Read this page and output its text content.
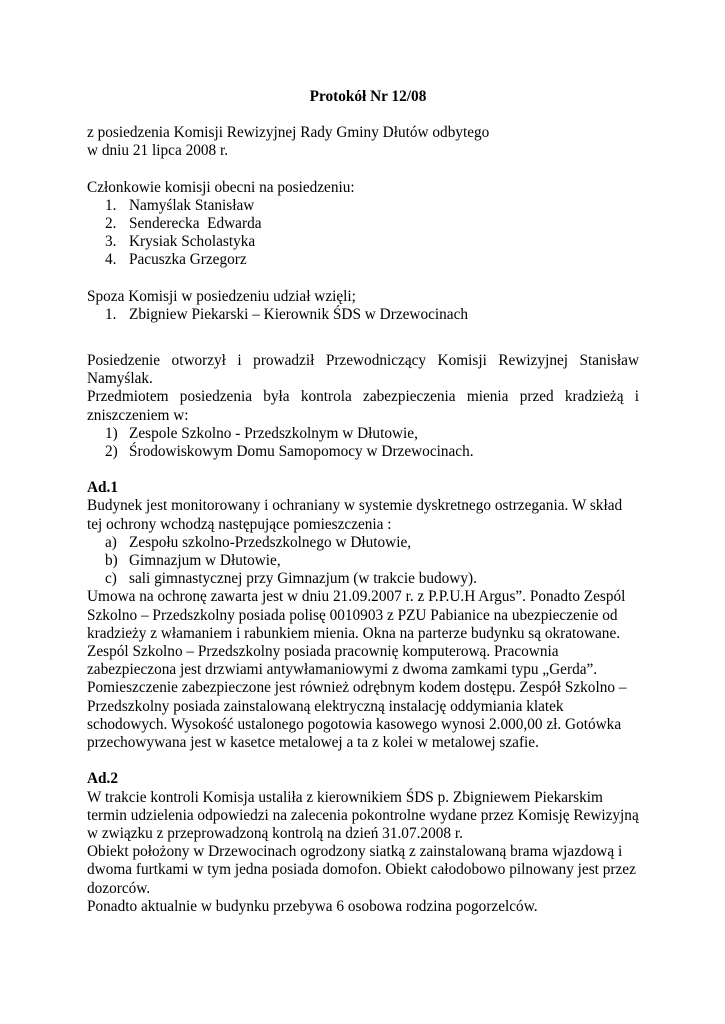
Protokół Nr 12/08

z posiedzenia Komisji Rewizyjnej Rady Gminy Dłutów odbytego

w dniu 21 lipca 2008 r.

Członkowie komisji obecni na posiedzeniu:

1. Namyślak Stanisław
2. Senderecka  Edwarda
3. Krysiak Scholastyka
4. Pacuszka Grzegorz

Spoza Komisji w posiedzeniu udział wzięli;

1. Zbigniew Piekarski – Kierownik ŚDS w Drzewocinach

Posiedzenie otworzył i prowadził Przewodniczący Komisji Rewizyjnej Stanisław Namyślak.

Przedmiotem posiedzenia była kontrola zabezpieczenia mienia przed kradzieżą i zniszczeniem w:

1) Zespole Szkolno - Przedszkolnym w Dłutowie,
2) Środowiskowym Domu Samopomocy w Drzewocinach.

Ad.1

Budynek jest monitorowany i ochraniany w systemie dyskretnego ostrzegania. W skład tej ochrony wchodzą następujące pomieszczenia :

a) Zespołu szkolno-Przedszkolnego w Dłutowie,
b) Gimnazjum w Dłutowie,
c) sali gimnastycznej przy Gimnazjum (w trakcie budowy).

Umowa na ochronę zawarta jest w dniu 21.09.2007 r. z P.P.U.H Argus”. Ponadto Zespól Szkolno – Przedszkolny posiada polisę 0010903 z PZU Pabianice na ubezpieczenie od kradzieży z włamaniem i rabunkiem mienia. Okna na parterze budynku są okratowane. Zespól Szkolno – Przedszkolny posiada pracownię komputerową. Pracownia zabezpieczona jest drzwiami antywłamaniowymi z dwoma zamkami typu „Gerda”. Pomieszczenie zabezpieczone jest również odrębnym kodem dostępu. Zespół Szkolno – Przedszkolny posiada zainstalowaną elektryczną instalację oddymiania klatek schodowych. Wysokość ustalonego pogotowia kasowego wynosi 2.000,00 zł. Gotówka przechowywana jest w kasetce metalowej a ta z kolei w metalowej szafie.

Ad.2

W trakcie kontroli Komisja ustaliła z kierownikiem ŚDS p. Zbigniewem Piekarskim termin udzielenia odpowiedzi na zalecenia pokontrolne wydane przez Komisję Rewizyjną w związku z przeprowadzoną kontrolą na dzień 31.07.2008 r.

Obiekt położony w Drzewocinach ogrodzony siatką z zainstalowaną brama wjazdową i dwoma furtkami w tym jedna posiada domofon. Obiekt całodobowo pilnowany jest przez dozorców.

Ponadto aktualnie w budynku przebywa 6 osobowa rodzina pogorzelców.
